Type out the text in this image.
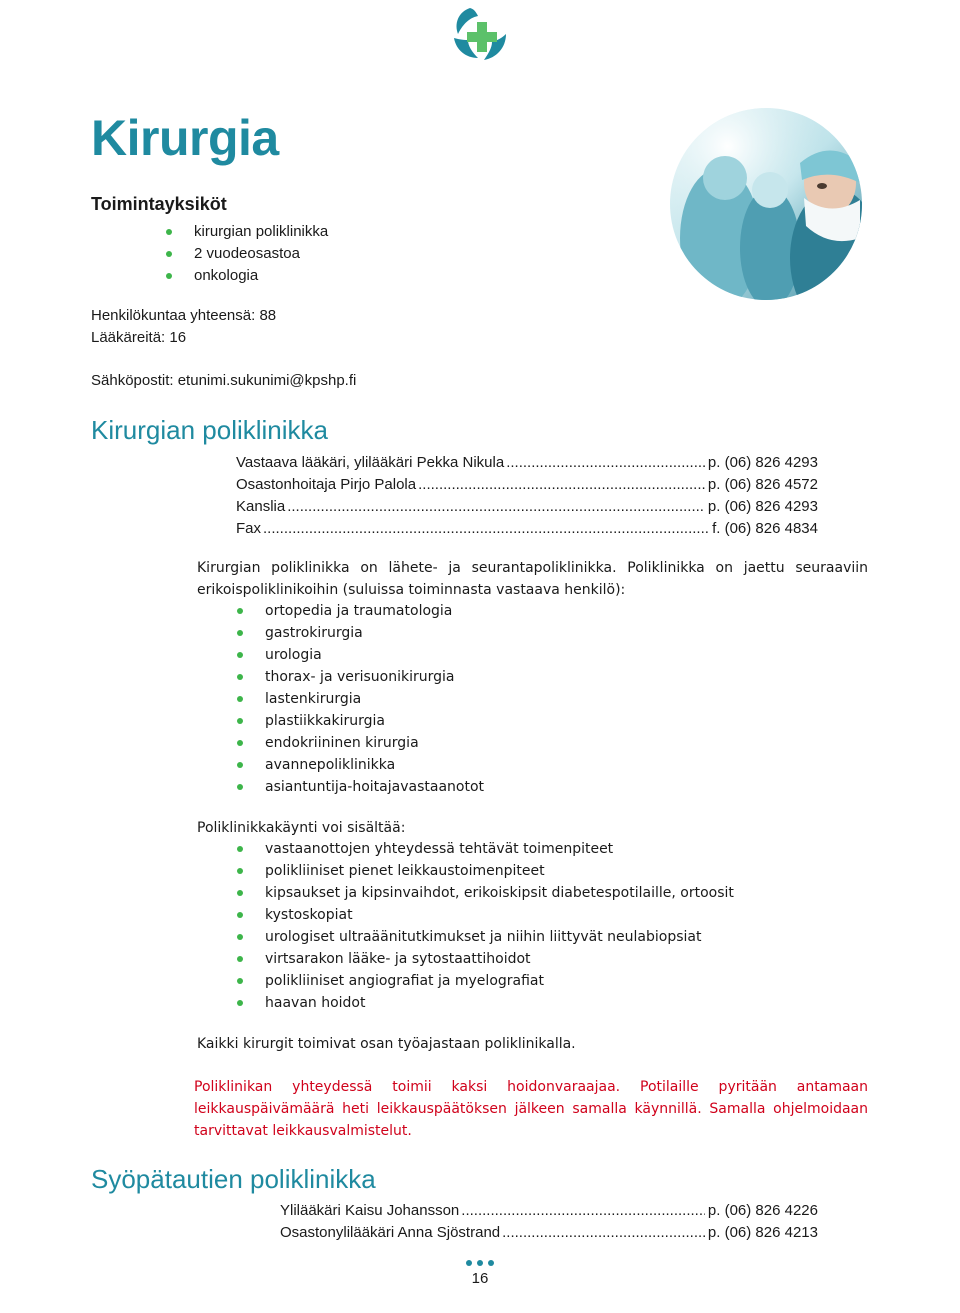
Kirurgia
Toimintayksiköt
kirurgian poliklinikka
2 vuodeosastoa
onkologia
Henkilökuntaa yhteensä: 88
Lääkäreitä: 16
Sähköpostit: etunimi.sukunimi@kpshp.fi
Kirurgian poliklinikka
Vastaava lääkäri, ylilääkäri Pekka Nikula .....	p. (06) 826 4293
Osastonhoitaja Pirjo Palola .....	p. (06) 826 4572
Kanslia .....	p. (06) 826 4293
Fax .....	f. (06) 826 4834
Kirurgian poliklinikka on lähete- ja seurantapoliklinikka. Poliklinikka on jaettu seuraaviin erikoispoliklinikoihin (suluissa toiminnasta vastaava henkilö):
ortopedia ja traumatologia
gastrokirurgia
urologia
thorax- ja verisuonikirurgia
lastenkirurgia
plastiikkakirurgia
endokriininen kirurgia
avannepoliklinikka
asiantuntija-hoitajavastaanotot
Poliklinikkakäynti voi sisältää:
vastaanottojen yhteydessä tehtävät toimenpiteet
polikliiniset pienet leikkaustoimenpiteet
kipsaukset ja kipsinvaihdot, erikoiskipsit diabetespotilaille, ortoosit
kystoskopiat
urologiset ultraäänitutkimukset ja niihin liittyvät neulabiopsiat
virtsarakon lääke- ja sytostaattihoidot
polikliiniset angiografiat ja myelografiat
haavan hoidot
Kaikki kirurgit toimivat osan työajastaan poliklinikalla.
Poliklinikan yhteydessä toimii kaksi hoidonvaraajaa. Potilaille pyritään antamaan leikkauspäivämäärä heti leikkauspäätöksen jälkeen samalla käynnillä. Samalla ohjelmoidaan tarvittavat leikkausvalmistelut.
Syöpätautien poliklinikka
Ylilääkäri Kaisu Johansson .....	p. (06) 826 4226
Osastonylilääkäri Anna Sjöstrand .....	p. (06) 826 4213
16
